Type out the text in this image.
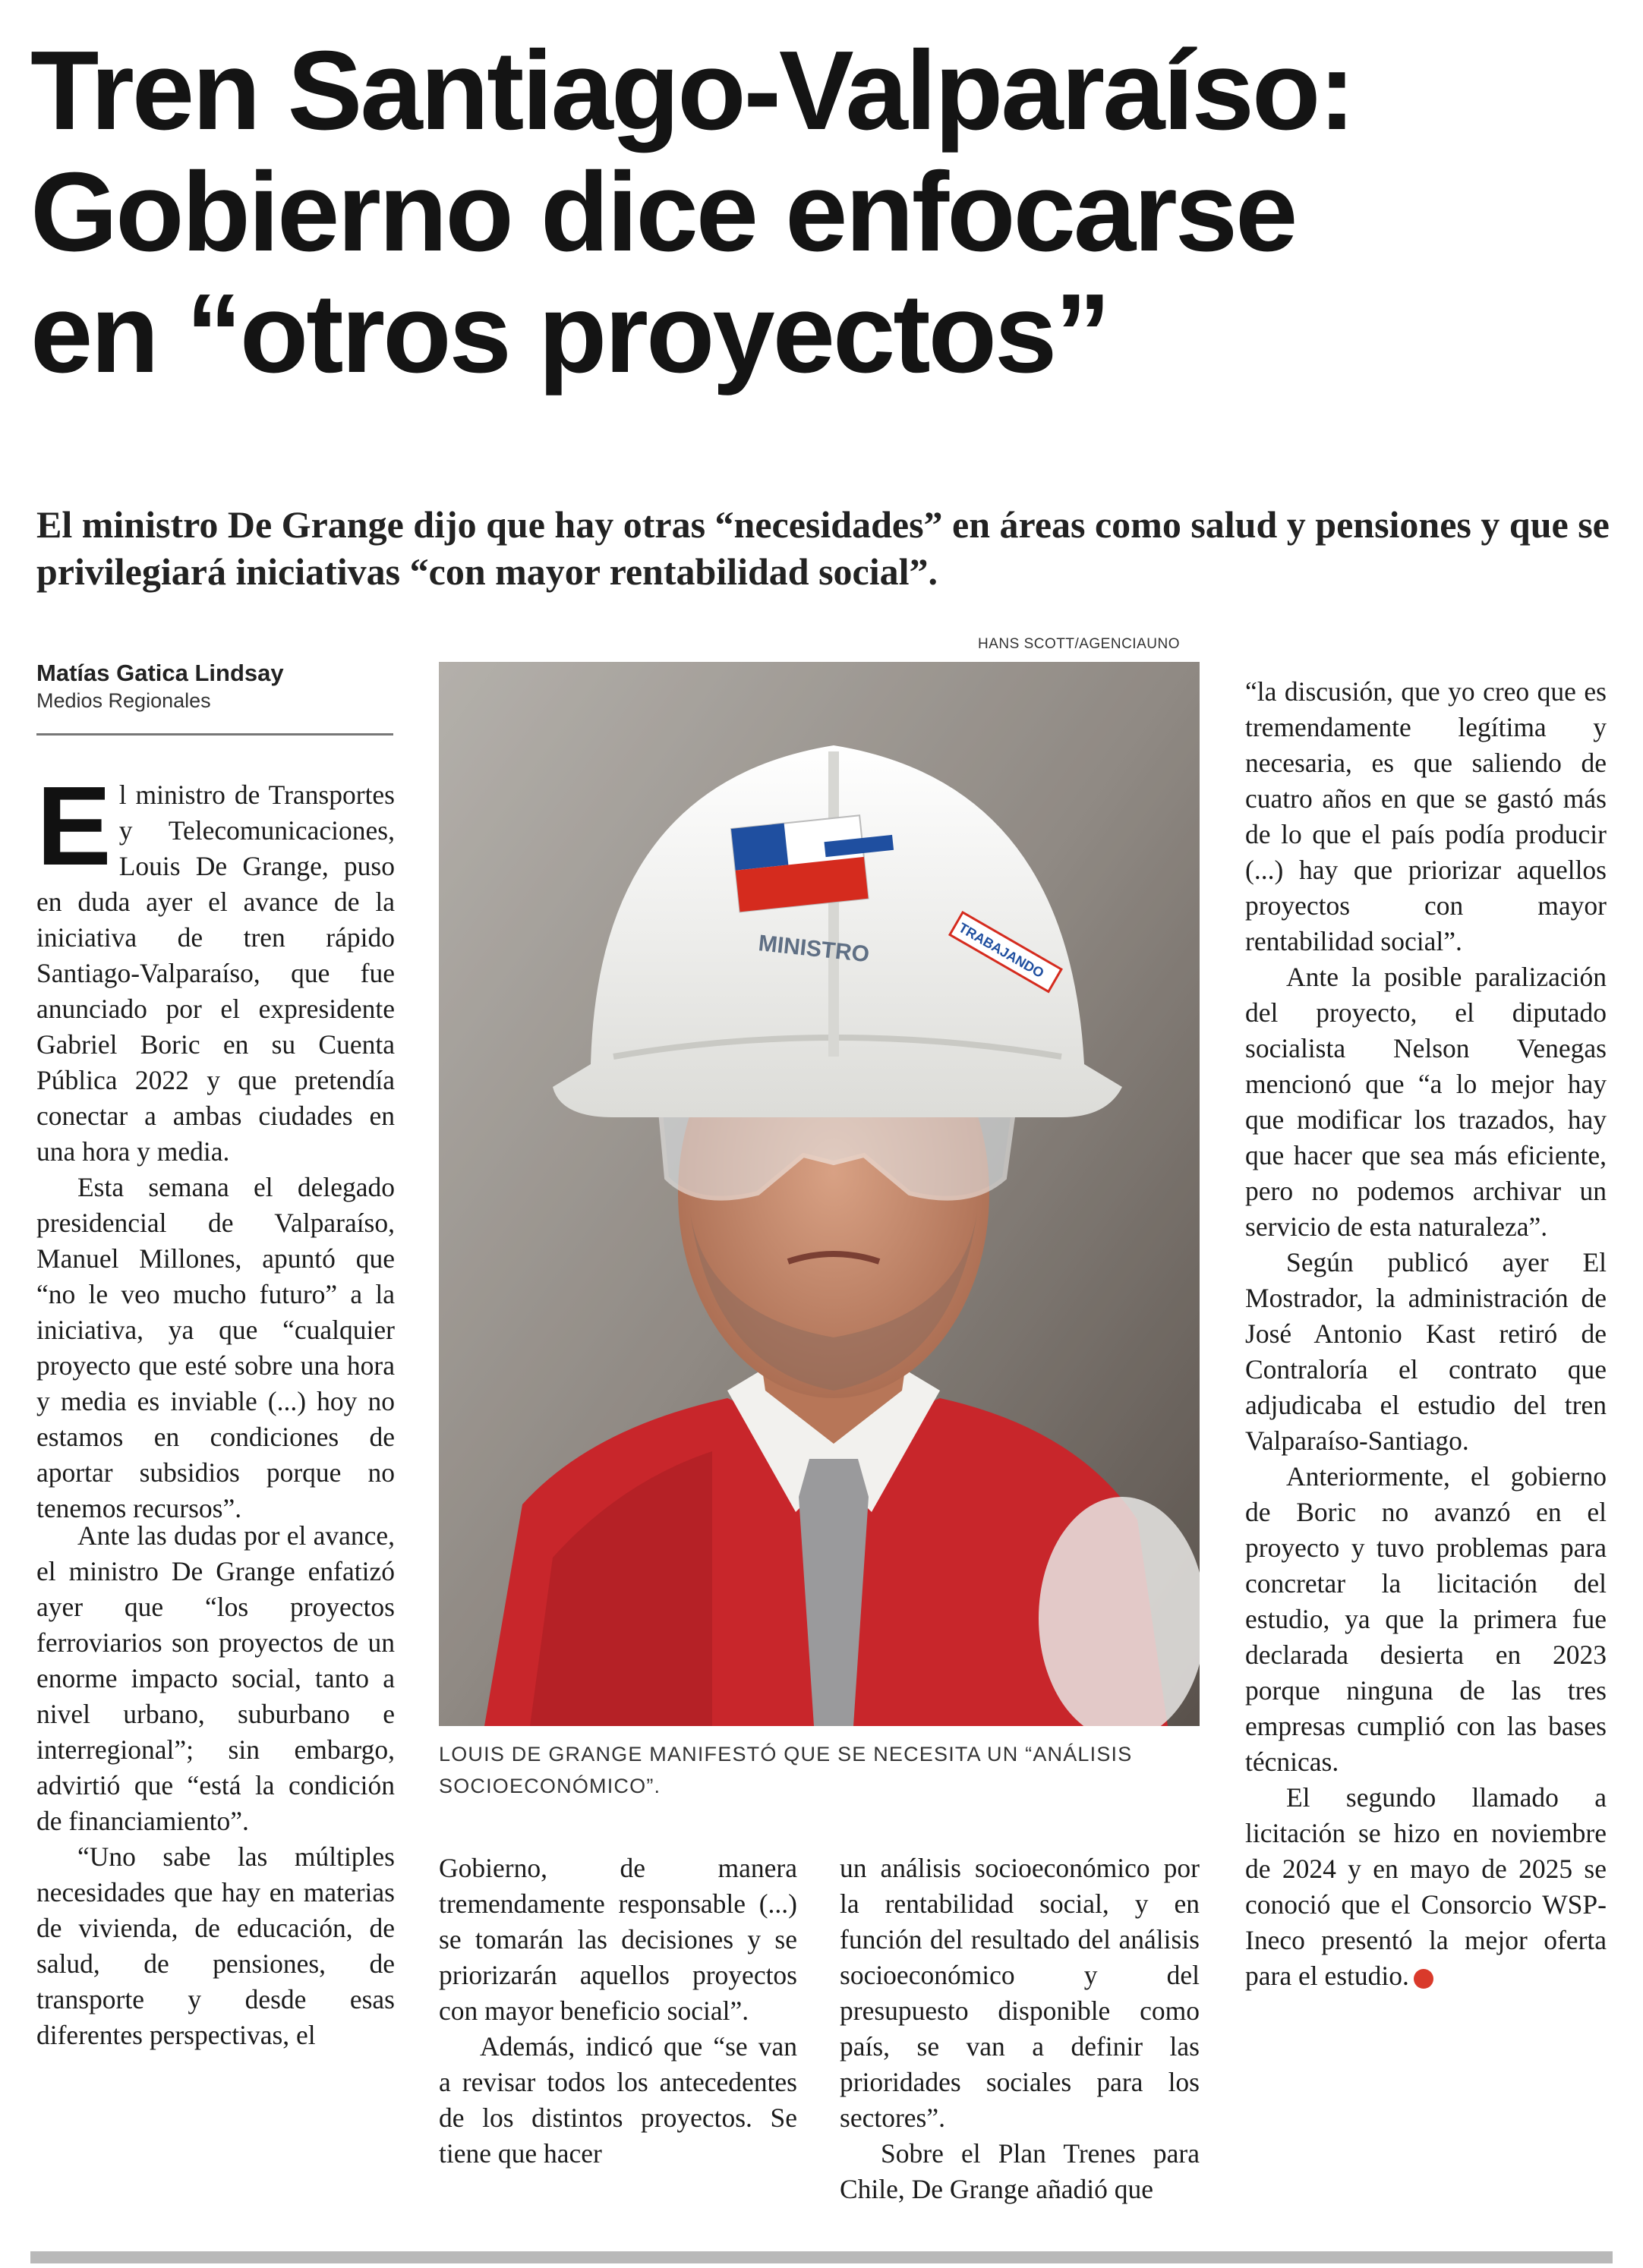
Tren Santiago-Valparaíso:
Gobierno dice enfocarse
en “otros proyectos”
El ministro De Grange dijo que hay otras “necesidades” en áreas como salud y pensiones y que se privilegiará iniciativas “con mayor rentabilidad social”.
HANS SCOTT/AGENCIAUNO
Matías Gatica Lindsay
Medios Regionales

El ministro de Transportes y Telecomunicaciones, Louis De Grange, puso en duda ayer el avance de la iniciativa de tren rápido Santiago-Valparaíso, que fue anunciado por el expresidente Gabriel Boric en su Cuenta Pública 2022 y que pretendía conectar a ambas ciudades en una hora y media.

Esta semana el delegado presidencial de Valparaíso, Manuel Millones, apuntó que “no le veo mucho futuro” a la iniciativa, ya que “cualquier proyecto que esté sobre una hora y media es inviable (...) hoy no estamos en condiciones de aportar subsidios porque no tenemos recursos”.

Ante las dudas por el avance, el ministro De Grange enfatizó ayer que “los proyectos ferroviarios son proyectos de un enorme impacto social, tanto a nivel urbano, suburbano e interregional”; sin embargo, advirtió que “está la condición de financiamiento”.

“Uno sabe las múltiples necesidades que hay en materias de vivienda, de educación, de salud, de pensiones, de transporte y desde esas diferentes perspectivas, el

MINISTRO	TRABAJANDO
LOUIS DE GRANGE MANIFESTÓ QUE SE NECESITA UN “ANÁLISIS SOCIOECONÓMICO”.

Gobierno, de manera tremendamente responsable (...) se tomarán las decisiones y se priorizarán aquellos proyectos con mayor beneficio social”.

Además, indicó que “se van a revisar todos los antecedentes de los distintos proyectos. Se tiene que hacer

un análisis socioeconómico por la rentabilidad social, y en función del resultado del análisis socioeconómico y del presupuesto disponible como país, se van a definir las prioridades sociales para los sectores”.

Sobre el Plan Trenes para Chile, De Grange añadió que

“la discusión, que yo creo que es tremendamente legítima y necesaria, es que saliendo de cuatro años en que se gastó más de lo que el país podía producir (...) hay que priorizar aquellos proyectos con mayor rentabilidad social”.

Ante la posible paralización del proyecto, el diputado socialista Nelson Venegas mencionó que “a lo mejor hay que modificar los trazados, hay que hacer que sea más eficiente, pero no podemos archivar un servicio de esta naturaleza”.

Según publicó ayer El Mostrador, la administración de José Antonio Kast retiró de Contraloría el contrato que adjudicaba el estudio del tren Valparaíso-Santiago.

Anteriormente, el gobierno de Boric no avanzó en el proyecto y tuvo problemas para concretar la licitación del estudio, ya que la primera fue declarada desierta en 2023 porque ninguna de las tres empresas cumplió con las bases técnicas.

El segundo llamado a licitación se hizo en noviembre de 2024 y en mayo de 2025 se conoció que el Consorcio WSP-Ineco presentó la mejor oferta para el estudio.	✪
